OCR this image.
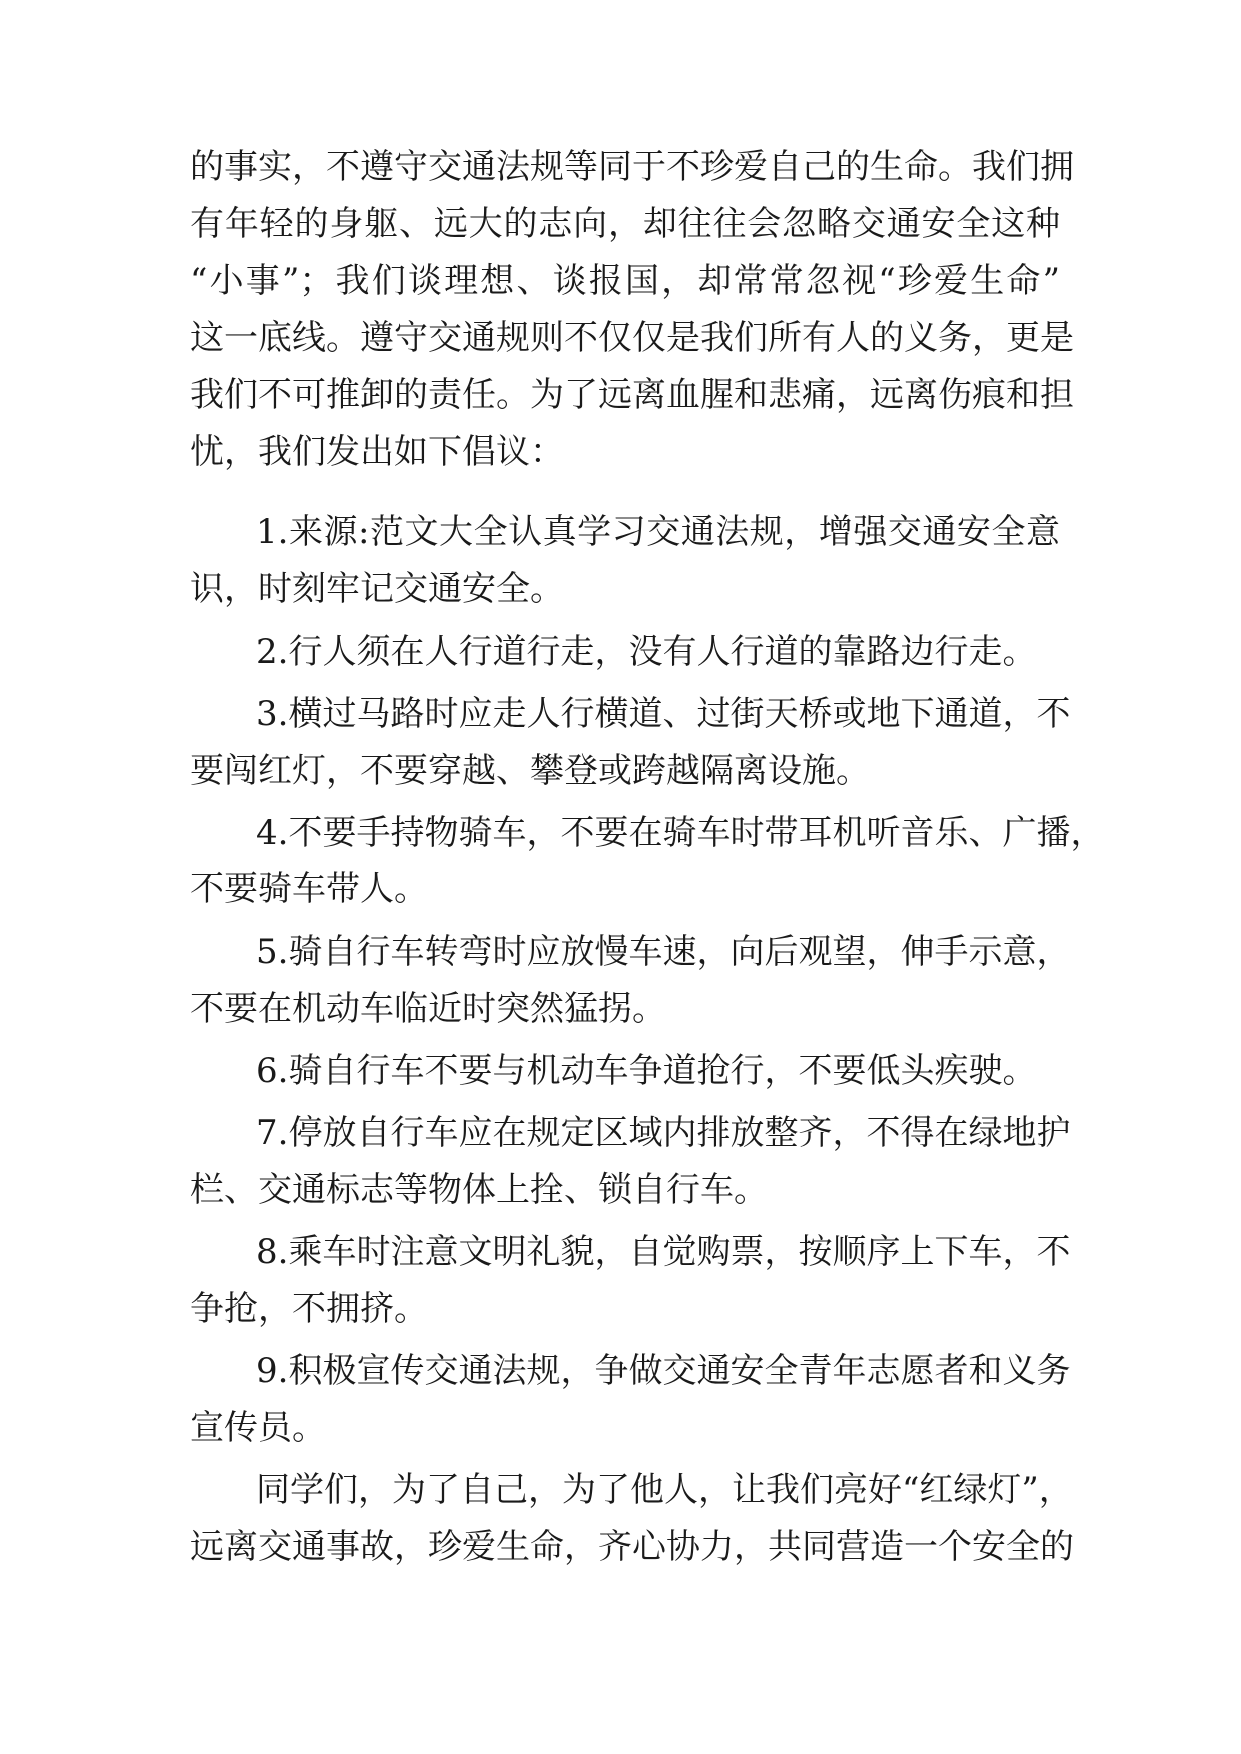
的事实，不遵守交通法规等同于不珍爱自己的生命。我们拥
有年轻的身躯、远大的志向，却往往会忽略交通安全这种
“小事”；我们谈理想、谈报国，却常常忽视“珍爱生命”
这一底线。遵守交通规则不仅仅是我们所有人的义务，更是
我们不可推卸的责任。为了远离血腥和悲痛，远离伤痕和担
忧，我们发出如下倡议：
1.来源:范文大全认真学习交通法规，增强交通安全意
识，时刻牢记交通安全。
2.行人须在人行道行走，没有人行道的靠路边行走。
3.横过马路时应走人行横道、过街天桥或地下通道，不
要闯红灯，不要穿越、攀登或跨越隔离设施。
4.不要手持物骑车，不要在骑车时带耳机听音乐、广播，
不要骑车带人。
5.骑自行车转弯时应放慢车速，向后观望，伸手示意，
不要在机动车临近时突然猛拐。
6.骑自行车不要与机动车争道抢行，不要低头疾驶。
7.停放自行车应在规定区域内排放整齐，不得在绿地护
栏、交通标志等物体上拴、锁自行车。
8.乘车时注意文明礼貌，自觉购票，按顺序上下车，不
争抢，不拥挤。
9.积极宣传交通法规，争做交通安全青年志愿者和义务
宣传员。
同学们，为了自己，为了他人，让我们亮好“红绿灯”，
远离交通事故，珍爱生命，齐心协力，共同营造一个安全的
